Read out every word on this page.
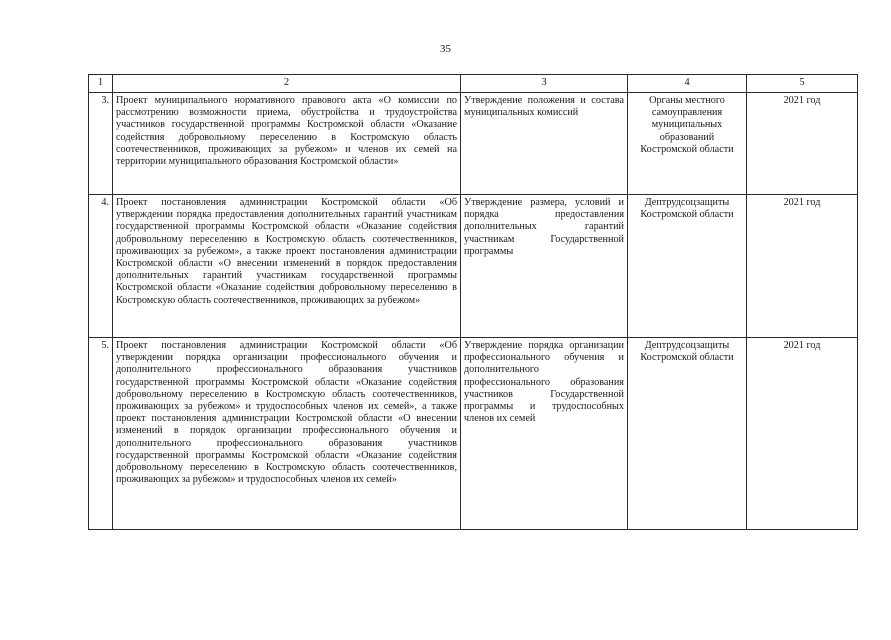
35
1	2	3	4	5
3.	Проект муниципального нормативного правового акта «О комиссии по рассмотрению возможности приема, обустройства и трудоустройства участников государственной программы Костромской области «Оказание содействия добровольному переселению в Костромскую область соотечественников, проживающих за рубежом» и членов их семей на территории муниципального образования Костромской области»	Утверждение положения и состава муниципальных комиссий	Органы местного самоуправления муниципальных образований Костромской области	2021 год
4.	Проект постановления администрации Костромской области «Об утверждении порядка предоставления дополнительных гарантий участникам государственной программы Костромской области «Оказание содействия добровольному переселению в Костромскую область соотечественников, проживающих за рубежом», а также проект постановления администрации Костромской области «О внесении изменений в порядок предоставления дополнительных гарантий участникам государственной программы Костромской области «Оказание содействия добровольному переселению в Костромскую область соотечественников, проживающих за рубежом»	Утверждение размера, условий и порядка предоставления дополнительных гарантий участникам Государственной программы	Дептрудсоцзащиты Костромской области	2021 год
5.	Проект постановления администрации Костромской области «Об утверждении порядка организации профессионального обучения и дополнительного профессионального образования участников государственной программы Костромской области «Оказание содействия добровольному переселению в Костромскую область соотечественников, проживающих за рубежом» и трудоспособных членов их семей», а также проект постановления администрации Костромской области «О внесении изменений в порядок организации профессионального обучения и дополнительного профессионального образования участников государственной программы Костромской области «Оказание содействия добровольному переселению в Костромскую область соотечественников, проживающих за рубежом» и трудоспособных членов их семей»	Утверждение порядка организации профессионального обучения и дополнительного профессионального образования участников Государственной программы и трудоспособных членов их семей	Дептрудсоцзащиты Костромской области	2021 год
